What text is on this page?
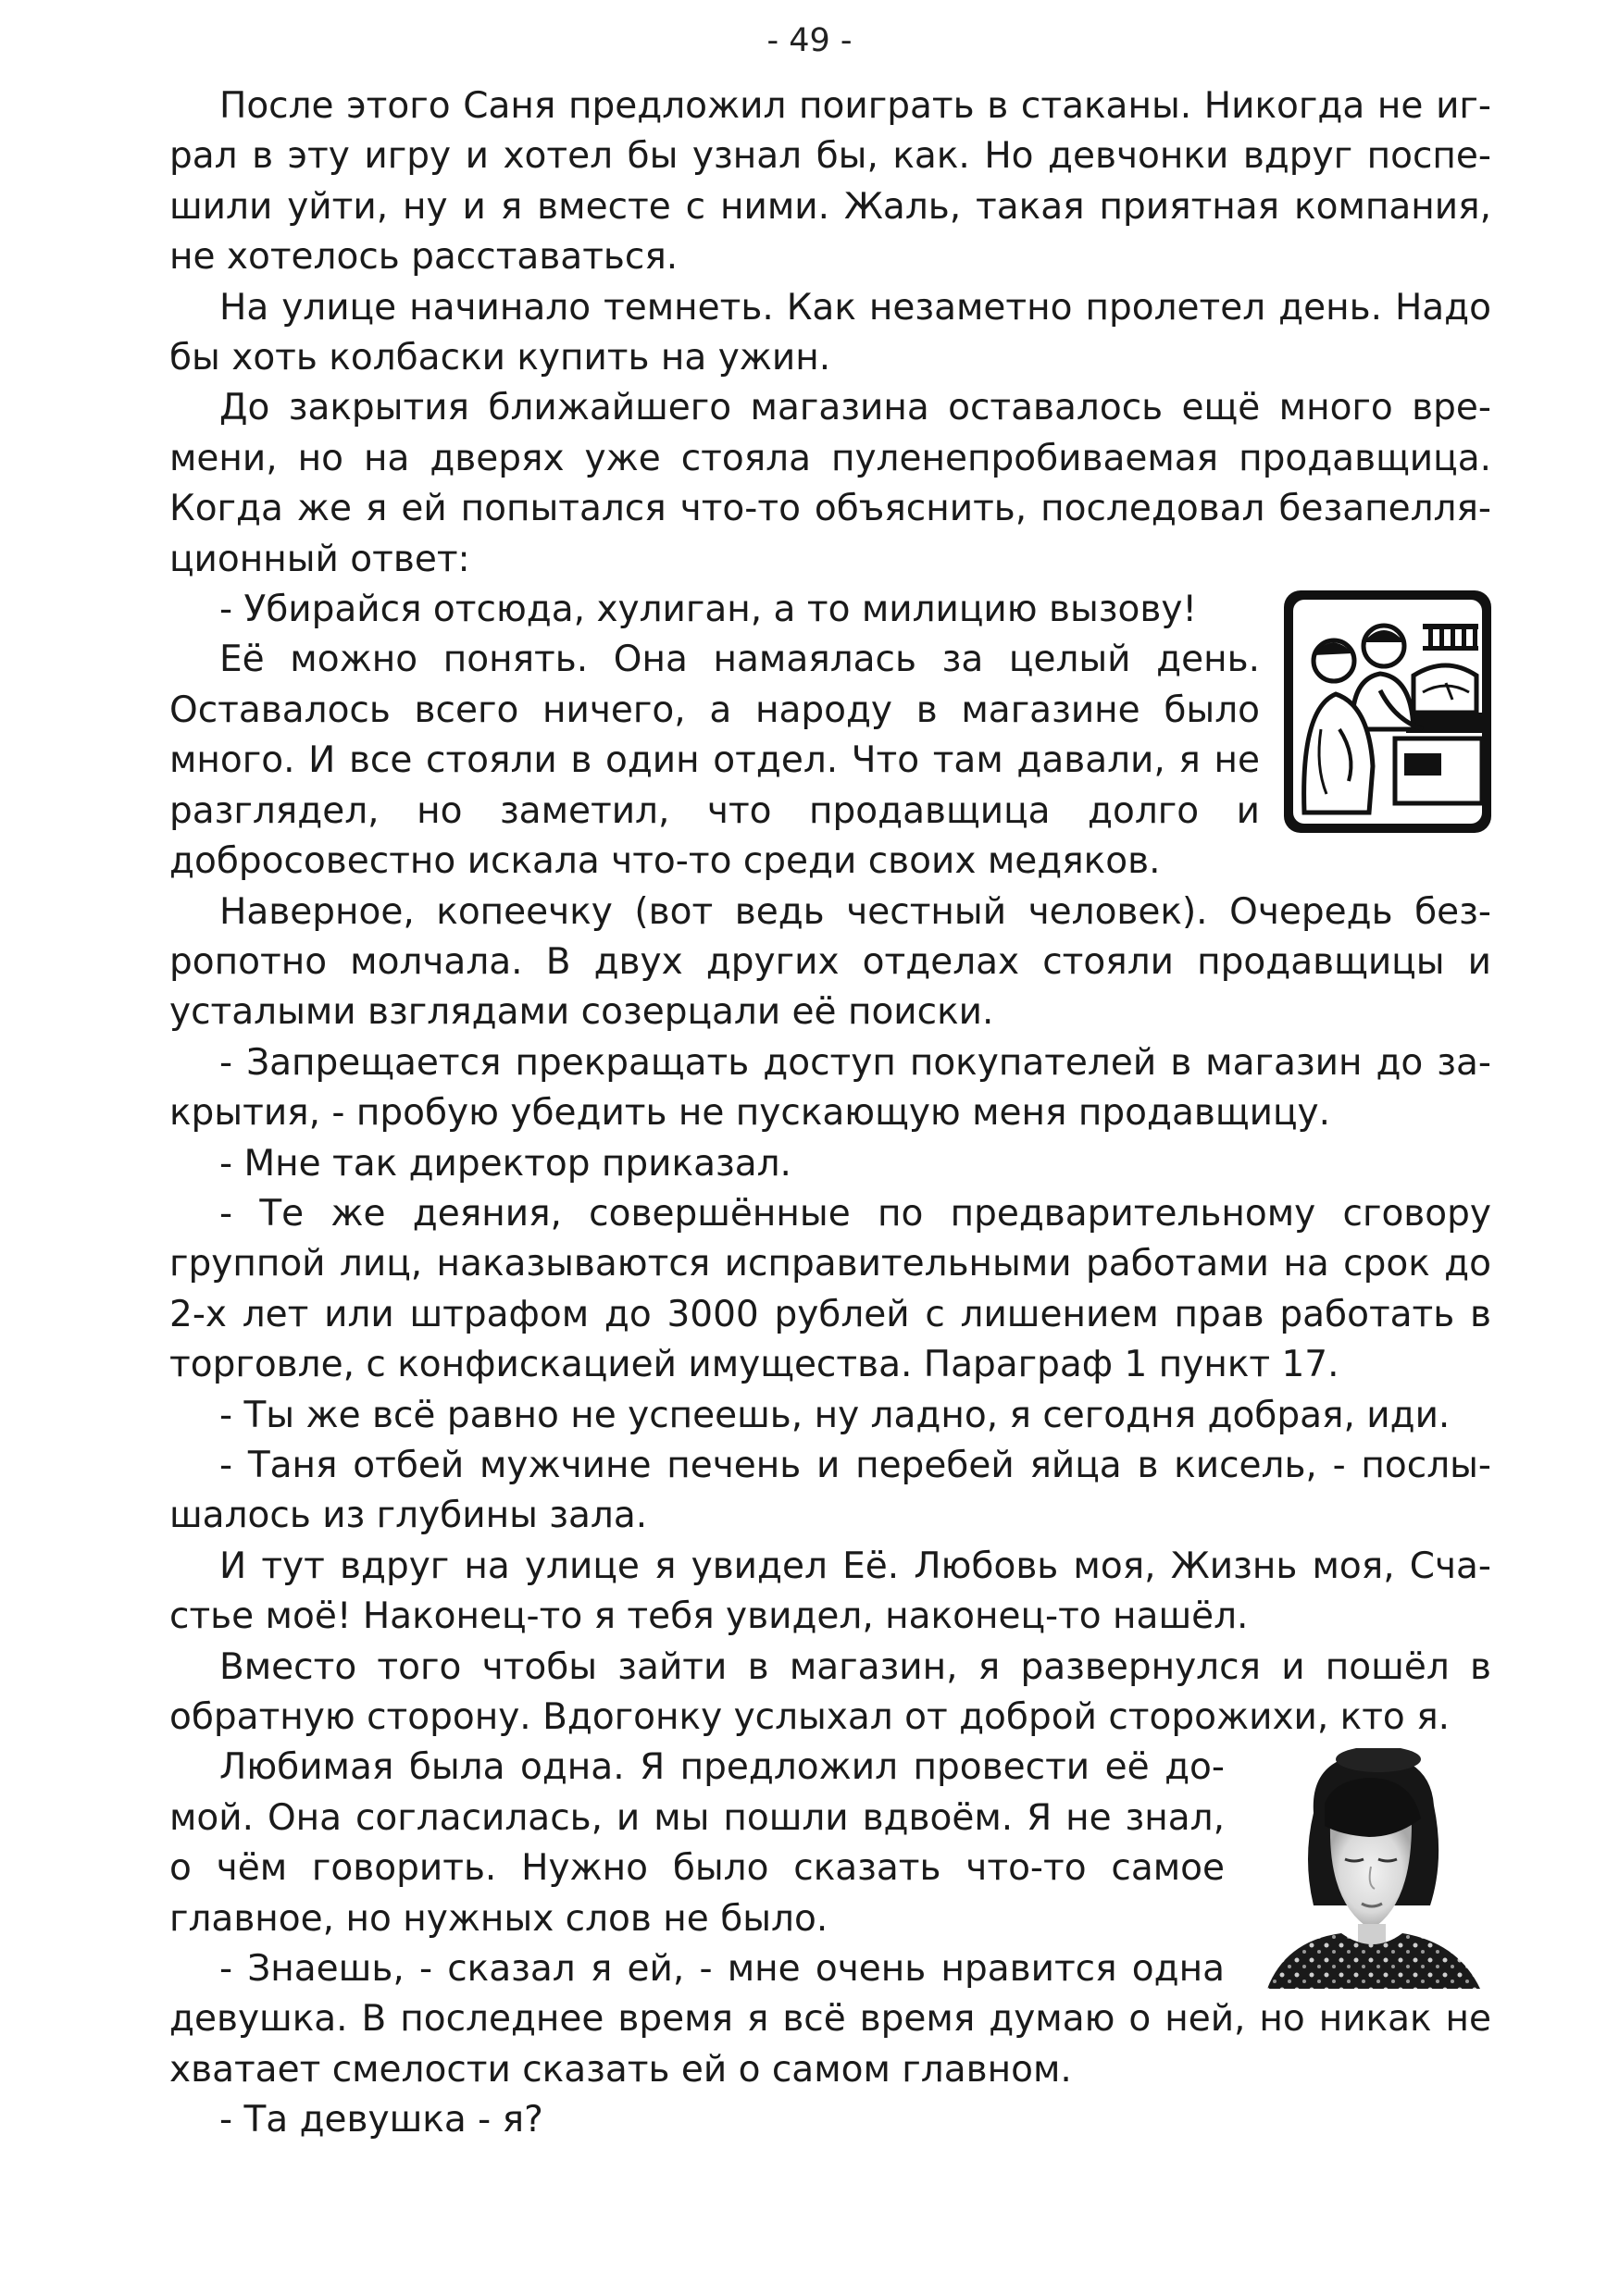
- 49 -

После этого Саня предложил поиграть в стаканы. Никогда не играл в эту игру и хотел бы узнал бы, как. Но девчонки вдруг поспешили уйти, ну и я вместе с ними. Жаль, такая приятная компания, не хотелось расставаться.

На улице начинало темнеть. Как незаметно пролетел день. Надо бы хоть колбаски купить на ужин.

До закрытия ближайшего магазина оставалось ещё много времени, но на дверях уже стояла пуленепробиваемая продавщица. Когда же я ей попытался что-то объяснить, последовал безапелляционный ответ:

- Убирайся отсюда, хулиган, а то милицию вызову!

Её можно понять. Она намаялась за целый день. Оставалось всего ничего, а народу в магазине было много. И все стояли в один отдел. Что там давали, я не разглядел, но заметил, что продавщица долго и добросовестно искала что-то среди своих медяков.

Наверное, копеечку (вот ведь честный человек). Очередь безропотно молчала. В двух других отделах стояли продавщицы и усталыми взглядами созерцали её поиски.

- Запрещается прекращать доступ покупателей в магазин до закрытия, - пробую убедить не пускающую меня продавщицу.

- Мне так директор приказал.

- Те же деяния, совершённые по предварительному сговору группой лиц, наказываются исправительными работами на срок до 2-х лет или штрафом до 3000 рублей с лишением прав работать в торговле, с конфискацией имущества. Параграф 1 пункт 17.

- Ты же всё равно не успеешь, ну ладно, я сегодня добрая, иди.

- Таня отбей мужчине печень и перебей яйца в кисель, - послышалось из глубины зала.

И тут вдруг на улице я увидел Её. Любовь моя, Жизнь моя, Счастье моё! Наконец-то я тебя увидел, наконец-то нашёл.

Вместо того чтобы зайти в магазин, я развернулся и пошёл в обратную сторону. Вдогонку услыхал от доброй сторожихи, кто я.

Любимая была одна. Я предложил провести её домой. Она согласилась, и мы пошли вдвоём. Я не знал, о чём говорить. Нужно было сказать что-то самое главное, но нужных слов не было.

- Знаешь, - сказал я ей, - мне очень нравится одна девушка. В последнее время я всё время думаю о ней, но никак не хватает смелости сказать ей о самом главном.

- Та девушка - я?
